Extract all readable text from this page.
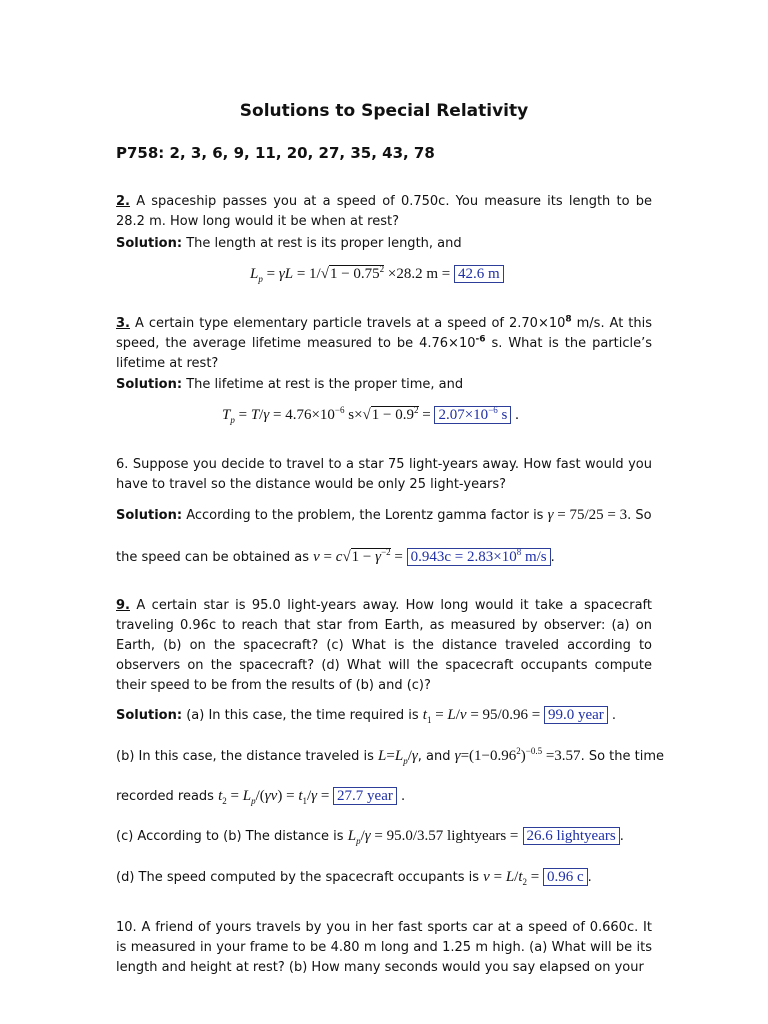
Solutions to Special Relativity
P758: 2, 3, 6, 9, 11, 20, 27, 35, 43, 78
2. A spaceship passes you at a speed of 0.750c. You measure its length to be 28.2 m. How long would it be when at rest?
Solution: The length at rest is its proper length, and
$L_p = \gamma L = 1/√1 - 0.75^2 \times 28.2$ m = 42.6 m
3. A certain type elementary particle travels at a speed of $2.70\times 10^8$ m/s. At this speed, the average lifetime measured to be $4.76\times 10^{-6}$ s. What is the particle’s lifetime at rest?
Solution: The lifetime at rest is the proper time, and
$T_p = T/\gamma = 4.76\times 10^{-6}$ $s\times√1 - 0.9^2 = 2.07\times 10^{-6}$ s .
6. Suppose you decide to travel to a star 75 light-years away. How fast would you have to travel so the distance would be only 25 light-years?
Solution: According to the problem, the Lorentz gamma factor is γ = 75/25 = 3. So
the speed can be obtained as $v = c√1 - \gamma^{-2} = 0.943c = 2.83\times 10^8$ m/s .
9. A certain star is 95.0 light-years away. How long would it take a spacecraft traveling 0.96c to reach that star from Earth, as measured by observer: (a) on Earth, (b) on the spacecraft? (c) What is the distance traveled according to observers on the spacecraft? (d) What will the spacecraft occupants compute their speed to be from the results of (b) and (c)?
Solution: (a) In this case, the time required is $t_1 = L/v = 95/0.96 = 99.0$ year .
(b) In this case, the distance traveled is $L=L_p/\gamma$, and $\gamma=(1-0.96^2)^{-0.5} =3.57$. So the time
recorded reads $t_2 = L_p/(\gamma v) = t_1/\gamma = 27.7$ year .
(c) According to (b) The distance is $L_p/\gamma = 95.0/3.57$ lightyears = 26.6 lightyears .
(d) The speed computed by the spacecraft occupants is $v = L/t_2 = 0.96$ c .
10. A friend of yours travels by you in her fast sports car at a speed of 0.660c. It is measured in your frame to be 4.80 m long and 1.25 m high. (a) What will be its length and height at rest? (b) How many seconds would you say elapsed on your
